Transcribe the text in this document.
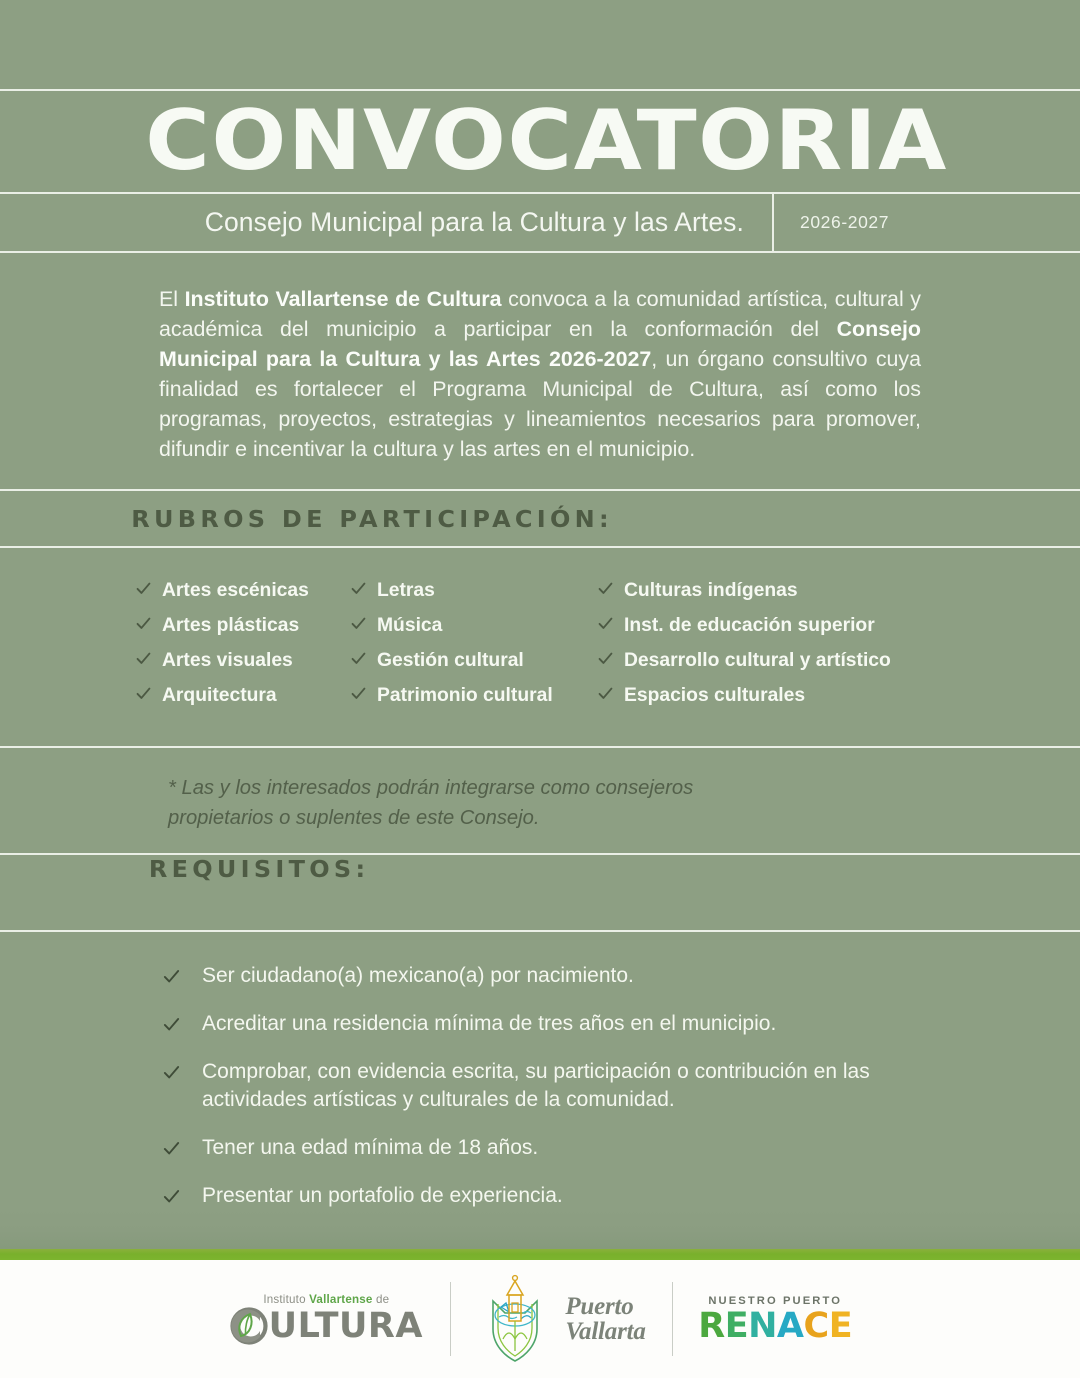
CONVOCATORIA
Consejo Municipal para la Cultura y las Artes.	2026-2027

El Instituto Vallartense de Cultura convoca a la comunidad artística, cultural y académica del municipio a participar en la conformación del Consejo Municipal para la Cultura y las Artes 2026-2027, un órgano consultivo cuya finalidad es fortalecer el Programa Municipal de Cultura, así como los programas, proyectos, estrategias y lineamientos necesarios para promover, difundir e incentivar la cultura y las artes en el municipio.

RUBROS DE PARTICIPACIÓN:
Artes escénicas	Letras	Culturas indígenas
Artes plásticas	Música	Inst. de educación superior
Artes visuales	Gestión cultural	Desarrollo cultural y artístico
Arquitectura	Patrimonio cultural	Espacios culturales

* Las y los interesados podrán integrarse como consejeros
propietarios o suplentes de este Consejo.

REQUISITOS:
Ser ciudadano(a) mexicano(a) por nacimiento.
Acreditar una residencia mínima de tres años en el municipio.
Comprobar, con evidencia escrita, su participación o contribución en las actividades artísticas y culturales de la comunidad.
Tener una edad mínima de 18 años.
Presentar un portafolio de experiencia.
Instituto Vallartense de
ULTURA	Puerto
Vallarta
NUESTRO PUERTO
R E N A C E
